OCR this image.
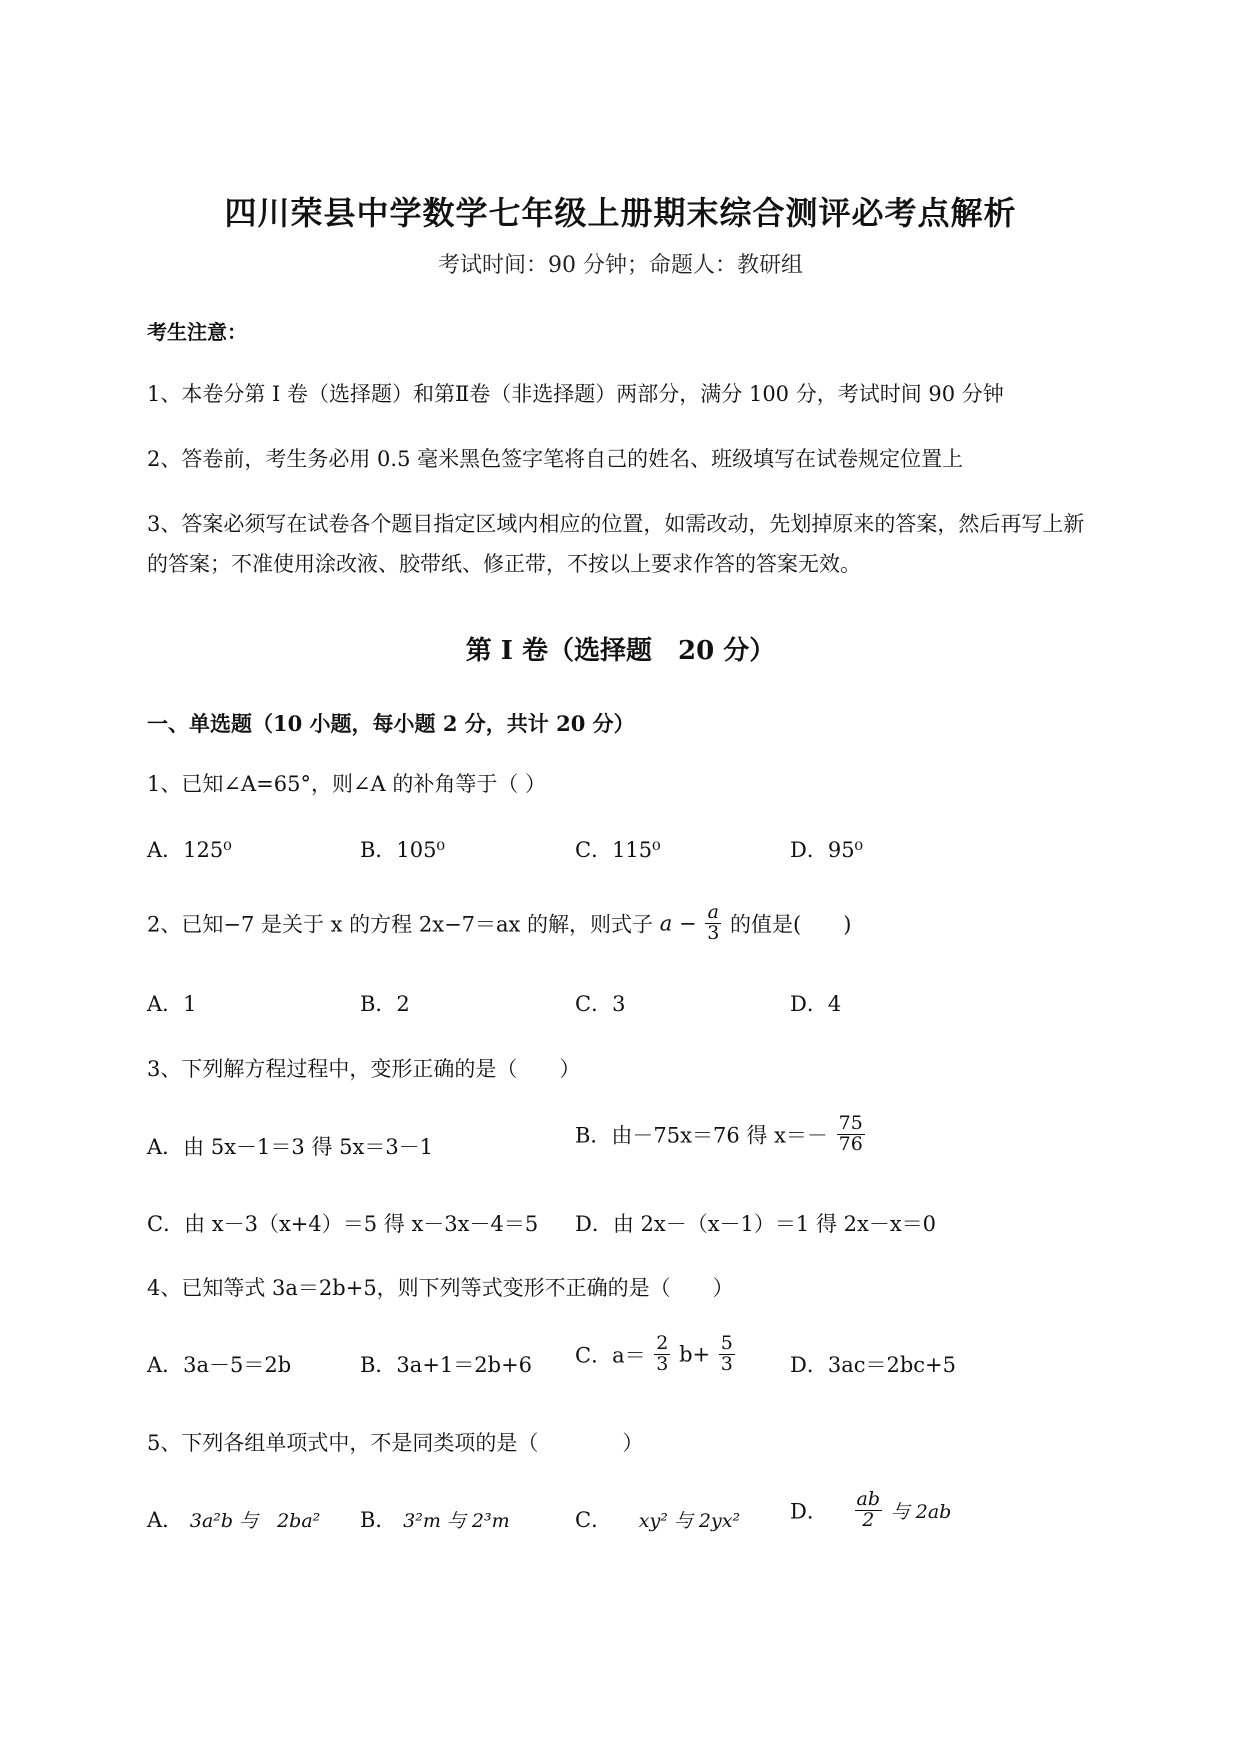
四川荣县中学数学七年级上册期末综合测评必考点解析
考试时间：90 分钟；命题人：教研组
考生注意：
1、本卷分第 I 卷（选择题）和第Ⅱ卷（非选择题）两部分，满分 100 分，考试时间 90 分钟
2、答卷前，考生务必用 0.5 毫米黑色签字笔将自己的姓名、班级填写在试卷规定位置上
3、答案必须写在试卷各个题目指定区域内相应的位置，如需改动，先划掉原来的答案，然后再写上新
的答案；不准使用涂改液、胶带纸、修正带，不按以上要求作答的答案无效。
第 I 卷（选择题　20 分）
一、单选题（10 小题，每小题 2 分，共计 20 分）
1、已知∠A=65°，则∠A 的补角等于（ ）
A．125⁰	B．105⁰	C．115⁰	D．95⁰
2、已知−7 是关于 x 的方程 2x−7＝ax 的解，则式子 $a - \frac{a}{3}$ 的值是(　　)
A．1	B．2	C．3	D．4
3、下列解方程过程中，变形正确的是（　　）
A．由 5x－1＝3 得 5x＝3－1	B．由－75x＝76 得 $x=- \frac{75}{76}$
C．由 x－3（x+4）＝5 得 x－3x－4＝5 D．由 2x－（x－1）＝1 得 2x－x＝0
4、已知等式 3a＝2b+5，则下列等式变形不正确的是（　　）
A．3a－5＝2b	B．3a+1＝2b+6 C．$a= \frac{2}{3} b+ \frac{5}{3}$	D．3ac＝2bc+5
5、下列各组单项式中，不是同类项的是（　　　　）
A． 3a²b 与　2ba² B． 3²m 与 2³m	C． xy² 与 2yx² D． $\frac{ab}{2}$ 与 2ab
